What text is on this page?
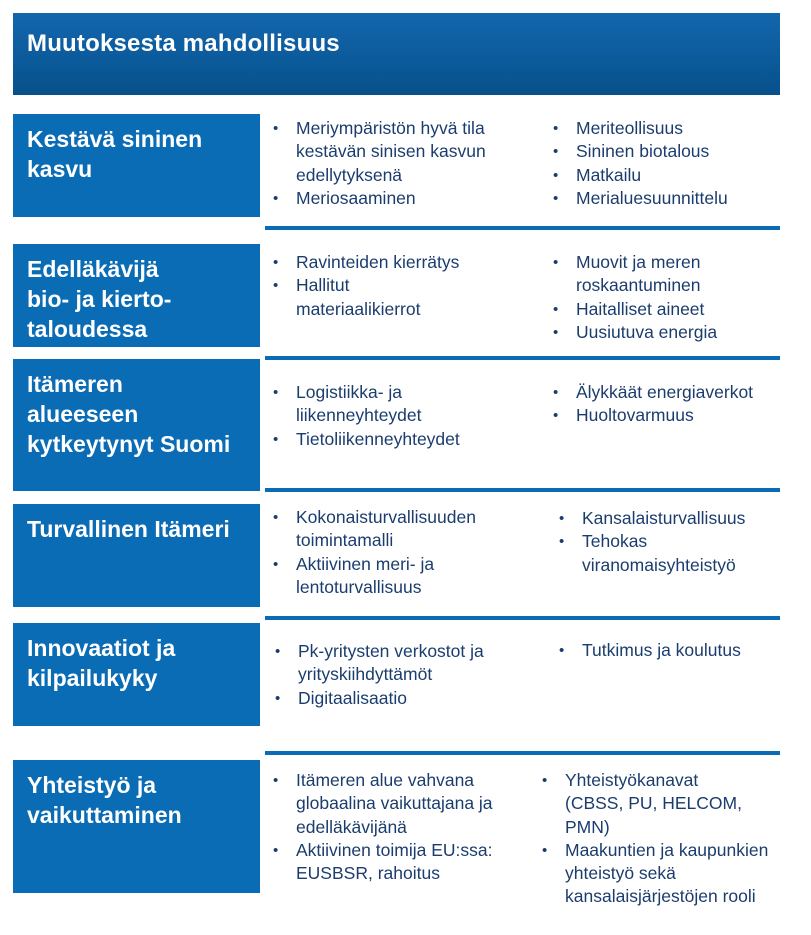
Muutoksesta mahdollisuus
Kestävä sininen
kasvu
• Meriympäristön hyvä tila
kestävän sinisen kasvun
edellytyksenä
• Meriosaaminen
• Meriteollisuus
• Sininen biotalous
• Matkailu
• Merialuesuunnittelu
Edelläkävijä
bio- ja kierto-
taloudessa
• Ravinteiden kierrätys
• Hallitut
materiaalikierrot
• Muovit ja meren
roskaantuminen
• Haitalliset aineet
• Uusiutuva energia
Itämeren
alueeseen
kytkeytynyt Suomi
• Logistiikka- ja
liikenneyhteydet
• Tietoliikenneyhteydet
• Älykkäät energiaverkot
• Huoltovarmuus
Turvallinen Itämeri
•	Kokonaisturvallisuuden
toimintamalli
• Aktiivinen meri- ja
lentoturvallisuus
• Kansalaisturvallisuus
• Tehokas
viranomaisyhteistyö
Innovaatiot ja
kilpailukyky
• Pk-yritysten verkostot ja
yrityskiihdyttämöt
• Digitaalisaatio
• Tutkimus ja koulutus
Yhteistyö ja
vaikuttaminen
• Itämeren alue vahvana
globaalina vaikuttajana ja
edelläkävijänä
• Aktiivinen toimija EU:ssa:
EUSBSR, rahoitus
• Yhteistyökanavat
(CBSS, PU, HELCOM,
PMN)
• Maakuntien ja kaupunkien
yhteistyö sekä
kansalaisjärjestöjen rooli
